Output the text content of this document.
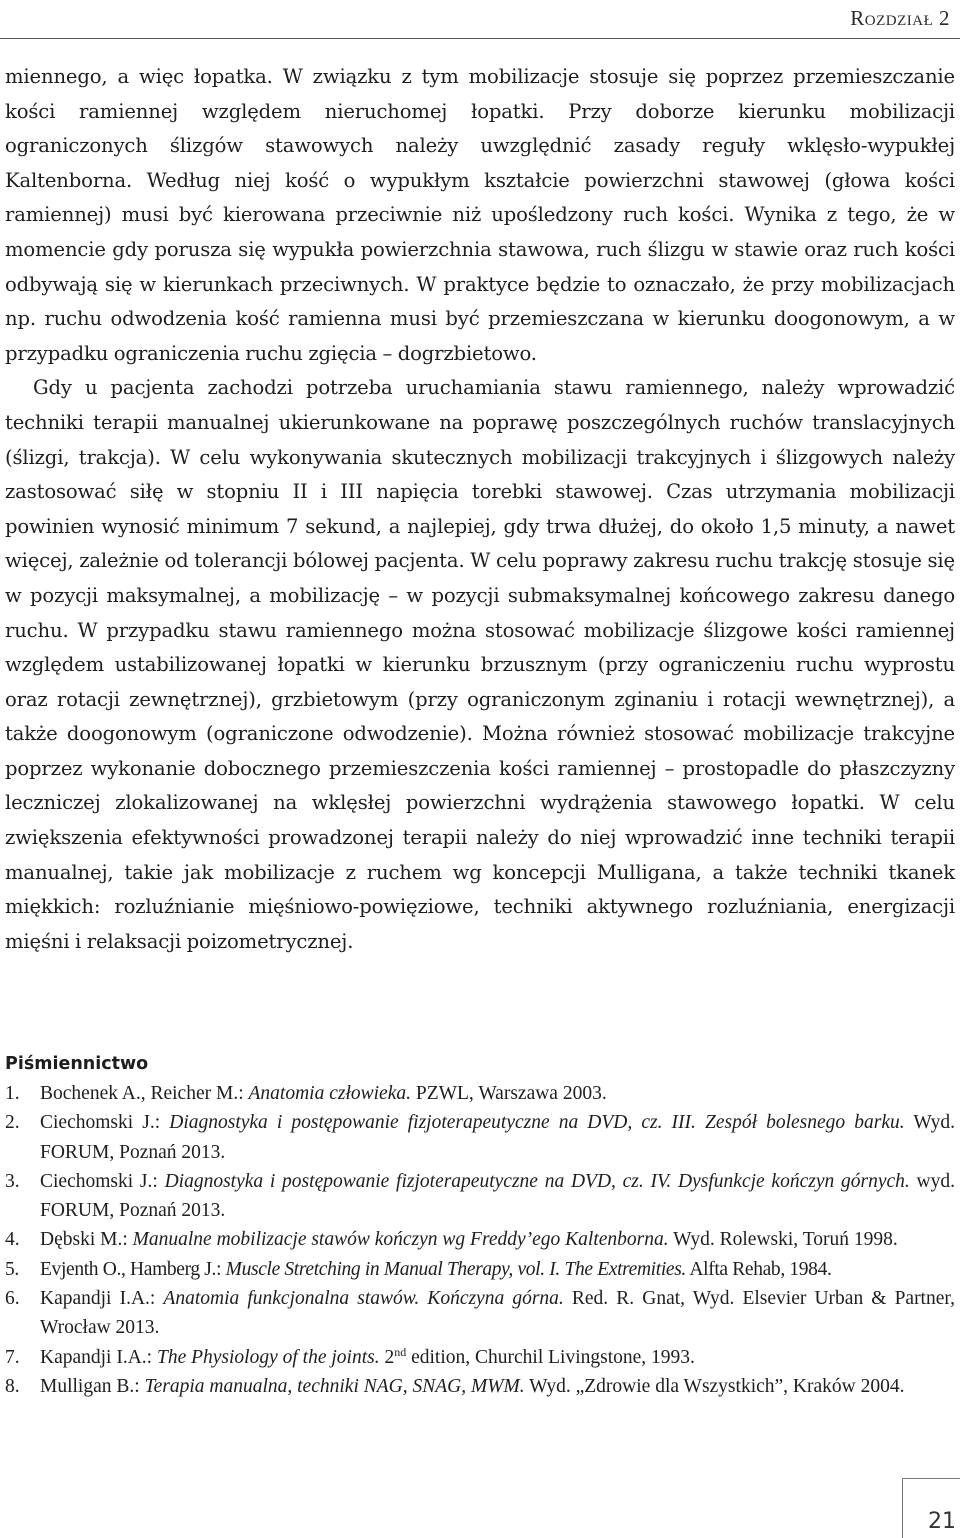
Rozdział 2

miennego, a więc łopatka. W związku z tym mobilizacje stosuje się poprzez przemieszczanie kości ramiennej względem nieruchomej łopatki. Przy doborze kierunku mobilizacji ograniczonych ślizgów stawowych należy uwzględnić zasady reguły wklęsło-wypukłej Kaltenborna. Według niej kość o wypukłym kształcie powierzchni stawowej (głowa kości ramiennej) musi być kierowana przeciwnie niż upośledzony ruch kości. Wynika z tego, że w momencie gdy porusza się wypukła powierzchnia stawowa, ruch ślizgu w stawie oraz ruch kości odbywają się w kierunkach przeciwnych. W praktyce będzie to oznaczało, że przy mobilizacjach np. ruchu odwodzenia kość ramienna musi być przemieszczana w kierunku doogonowym, a w przypadku ograniczenia ruchu zgięcia – dogrzbietowo.

Gdy u pacjenta zachodzi potrzeba uruchamiania stawu ramiennego, należy wprowadzić techniki terapii manualnej ukierunkowane na poprawę poszczególnych ruchów translacyjnych (ślizgi, trakcja). W celu wykonywania skutecznych mobilizacji trakcyjnych i ślizgowych należy zastosować siłę w stopniu II i III napięcia torebki stawowej. Czas utrzymania mobilizacji powinien wynosić minimum 7 sekund, a najlepiej, gdy trwa dłużej, do około 1,5 minuty, a nawet więcej, zależnie od tolerancji bólowej pacjenta. W celu poprawy zakresu ruchu trakcję stosuje się w pozycji maksymalnej, a mobilizację – w pozycji submaksymalnej końcowego zakresu danego ruchu. W przypadku stawu ramiennego można stosować mobilizacje ślizgowe kości ramiennej względem ustabilizowanej łopatki w kierunku brzusznym (przy ograniczeniu ruchu wyprostu oraz rotacji zewnętrznej), grzbietowym (przy ograniczonym zginaniu i rotacji wewnętrznej), a także doogonowym (ograniczone odwodzenie). Można również stosować mobilizacje trakcyjne poprzez wykonanie dobocznego przemieszczenia kości ramiennej – prostopadle do płaszczyzny leczniczej zlokalizowanej na wklęsłej powierzchni wydrążenia stawowego łopatki. W celu zwiększenia efektywności prowadzonej terapii należy do niej wprowadzić inne techniki terapii manualnej, takie jak mobilizacje z ruchem wg koncepcji Mulligana, a także techniki tkanek miękkich: rozluźnianie mięśniowo-powięziowe, techniki aktywnego rozluźniania, energizacji mięśni i relaksacji poizometrycznej.

Piśmiennictwo
1. Bochenek A., Reicher M.: Anatomia człowieka. PZWL, Warszawa 2003.
2. Ciechomski J.: Diagnostyka i postępowanie fizjoterapeutyczne na DVD, cz. III. Zespół bolesnego barku. Wyd. FORUM, Poznań 2013.
3. Ciechomski J.: Diagnostyka i postępowanie fizjoterapeutyczne na DVD, cz. IV. Dysfunkcje kończyn górnych. wyd. FORUM, Poznań 2013.
4. Dębski M.: Manualne mobilizacje stawów kończyn wg Freddy’ego Kaltenborna. Wyd. Rolewski, Toruń 1998.
5. Evjenth O., Hamberg J.: Muscle Stretching in Manual Therapy, vol. I. The Extremities. Alfta Rehab, 1984.
6. Kapandji I.A.: Anatomia funkcjonalna stawów. Kończyna górna. Red. R. Gnat, Wyd. Elsevier Urban & Partner, Wrocław 2013.
7. Kapandji I.A.: The Physiology of the joints. 2nd edition, Churchil Livingstone, 1993.
8. Mulligan B.: Terapia manualna, techniki NAG, SNAG, MWM. Wyd. „Zdrowie dla Wszystkich”, Kraków 2004.
21
